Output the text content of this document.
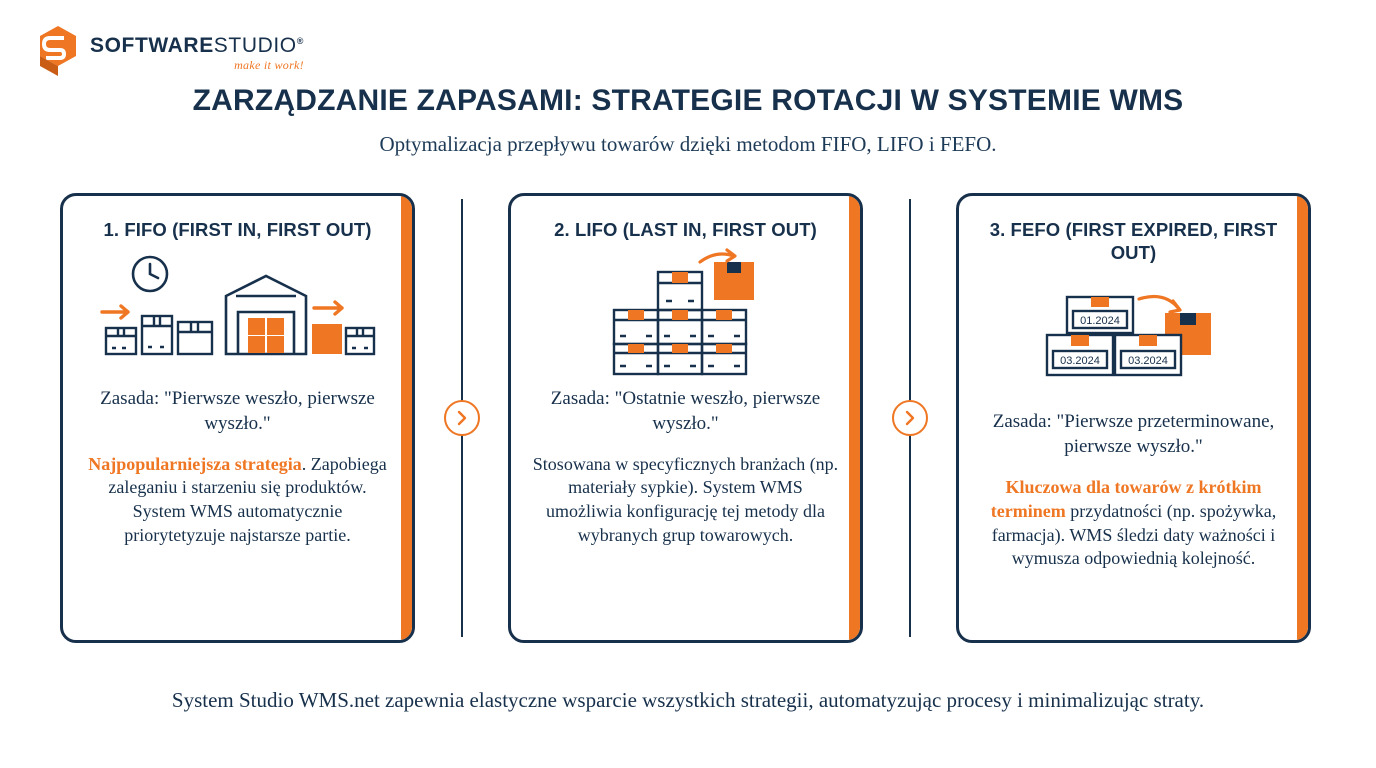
SOFTWARESTUDIO®
make it work!
ZARZĄDZANIE ZAPASAMI: STRATEGIE ROTACJI W SYSTEMIE WMS
Optymalizacja przepływu towarów dzięki metodom FIFO, LIFO i FEFO.
1. FIFO (FIRST IN, FIRST OUT)
Zasada: "Pierwsze weszło, pierwsze wyszło."
Najpopularniejsza strategia. Zapobiega zaleganiu i starzeniu się produktów. System WMS automatycznie priorytetyzuje najstarsze partie.
2. LIFO (LAST IN, FIRST OUT)
Zasada: "Ostatnie weszło, pierwsze wyszło."
Stosowana w specyficznych branżach (np. materiały sypkie). System WMS umożliwia konfigurację tej metody dla wybranych grup towarowych.
3. FEFO (FIRST EXPIRED, FIRST OUT)
01.2024
03.2024	03.2024
Zasada: "Pierwsze przeterminowane, pierwsze wyszło."
Kluczowa dla towarów z krótkim terminem przydatności (np. spożywka, farmacja). WMS śledzi daty ważności i wymusza odpowiednią kolejność.
System Studio WMS.net zapewnia elastyczne wsparcie wszystkich strategii, automatyzując procesy i minimalizując straty.
